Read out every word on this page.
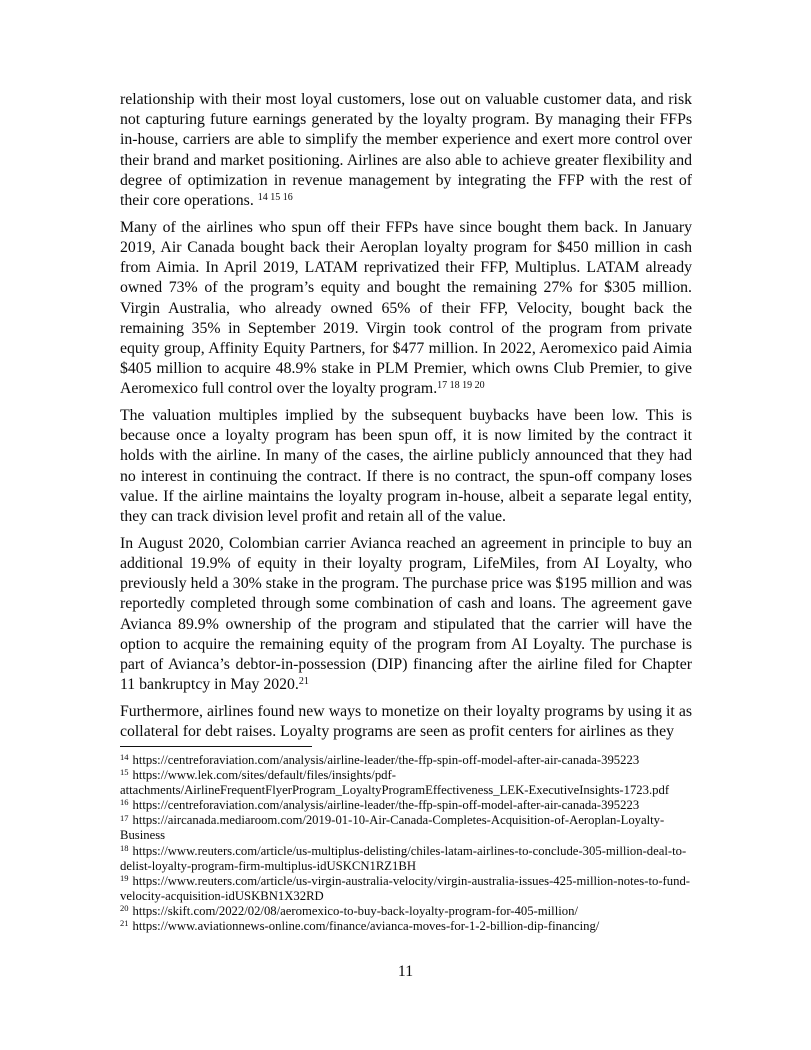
relationship with their most loyal customers, lose out on valuable customer data, and risk not capturing future earnings generated by the loyalty program. By managing their FFPs in-house, carriers are able to simplify the member experience and exert more control over their brand and market positioning. Airlines are also able to achieve greater flexibility and degree of optimization in revenue management by integrating the FFP with the rest of their core operations. $^{14 15 16}$

Many of the airlines who spun off their FFPs have since bought them back. In January 2019, Air Canada bought back their Aeroplan loyalty program for $450 million in cash from Aimia. In April 2019, LATAM reprivatized their FFP, Multiplus. LATAM already owned 73% of the program’s equity and bought the remaining 27% for $305 million. Virgin Australia, who already owned 65% of their FFP, Velocity, bought back the remaining 35% in September 2019. Virgin took control of the program from private equity group, Affinity Equity Partners, for $477 million. In 2022, Aeromexico paid Aimia $405 million to acquire 48.9% stake in PLM Premier, which owns Club Premier, to give Aeromexico full control over the loyalty program.$^{17 18 19 20}$

The valuation multiples implied by the subsequent buybacks have been low. This is because once a loyalty program has been spun off, it is now limited by the contract it holds with the airline. In many of the cases, the airline publicly announced that they had no interest in continuing the contract. If there is no contract, the spun-off company loses value. If the airline maintains the loyalty program in-house, albeit a separate legal entity, they can track division level profit and retain all of the value.

In August 2020, Colombian carrier Avianca reached an agreement in principle to buy an additional 19.9% of equity in their loyalty program, LifeMiles, from AI Loyalty, who previously held a 30% stake in the program. The purchase price was $195 million and was reportedly completed through some combination of cash and loans. The agreement gave Avianca 89.9% ownership of the program and stipulated that the carrier will have the option to acquire the remaining equity of the program from AI Loyalty. The purchase is part of Avianca’s debtor-in-possession (DIP) financing after the airline filed for Chapter 11 bankruptcy in May 2020.21

Furthermore, airlines found new ways to monetize on their loyalty programs by using it as collateral for debt raises. Loyalty programs are seen as profit centers for airlines as they

$^{14}$ https://centreforaviation.com/analysis/airline-leader/the-ffp-spin-off-model-after-air-canada-395223
$^{15}$ https://www.lek.com/sites/default/files/insights/pdf-attachments/AirlineFrequentFlyerProgram_LoyaltyProgramEffectiveness_LEK-ExecutiveInsights-1723.pdf
$^{16}$ https://centreforaviation.com/analysis/airline-leader/the-ffp-spin-off-model-after-air-canada-395223
$^{17}$ https://aircanada.mediaroom.com/2019-01-10-Air-Canada-Completes-Acquisition-of-Aeroplan-Loyalty-Business
$^{18}$ https://www.reuters.com/article/us-multiplus-delisting/chiles-latam-airlines-to-conclude-305-million-deal-to-delist-loyalty-program-firm-multiplus-idUSKCN1RZ1BH
$^{19}$ https://www.reuters.com/article/us-virgin-australia-velocity/virgin-australia-issues-425-million-notes-to-fund-velocity-acquisition-idUSKBN1X32RD
$^{20}$ https://skift.com/2022/02/08/aeromexico-to-buy-back-loyalty-program-for-405-million/
$^{21}$ https://www.aviationnews-online.com/finance/avianca-moves-for-1-2-billion-dip-financing/
11
